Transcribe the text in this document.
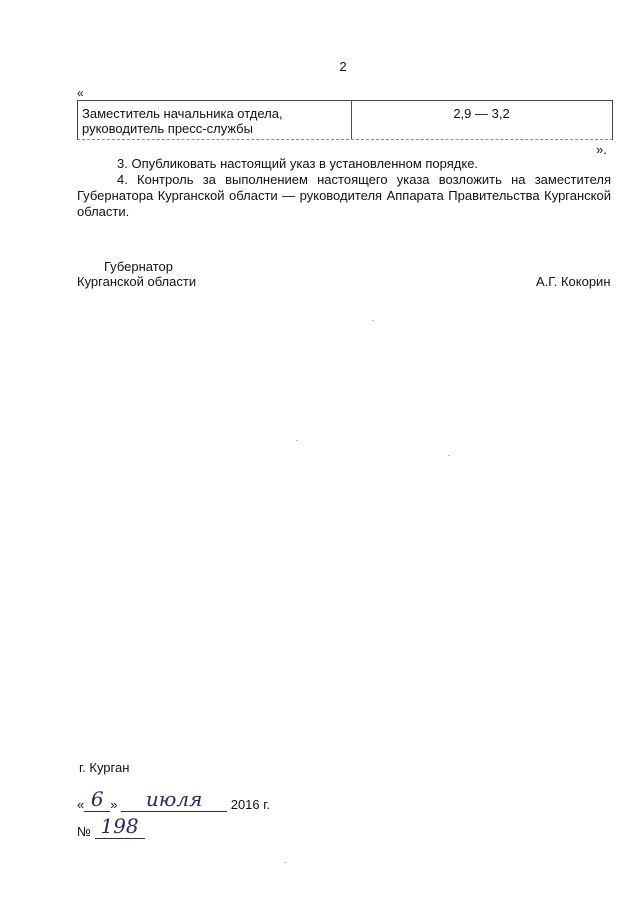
2
«
Заместитель начальника отдела,
руководитель пресс-службы
2,9 — 3,2
».
3. Опубликовать настоящий указ в установленном порядке.
4. Контроль за выполнением настоящего указа возложить на заместителя Губернатора Курганской области — руководителя Аппарата Правительства Курганской области.
Губернатор
Курганской области	А.Г. Кокорин
г. Курган
« 6 » июля 2016 г.
№ 198
